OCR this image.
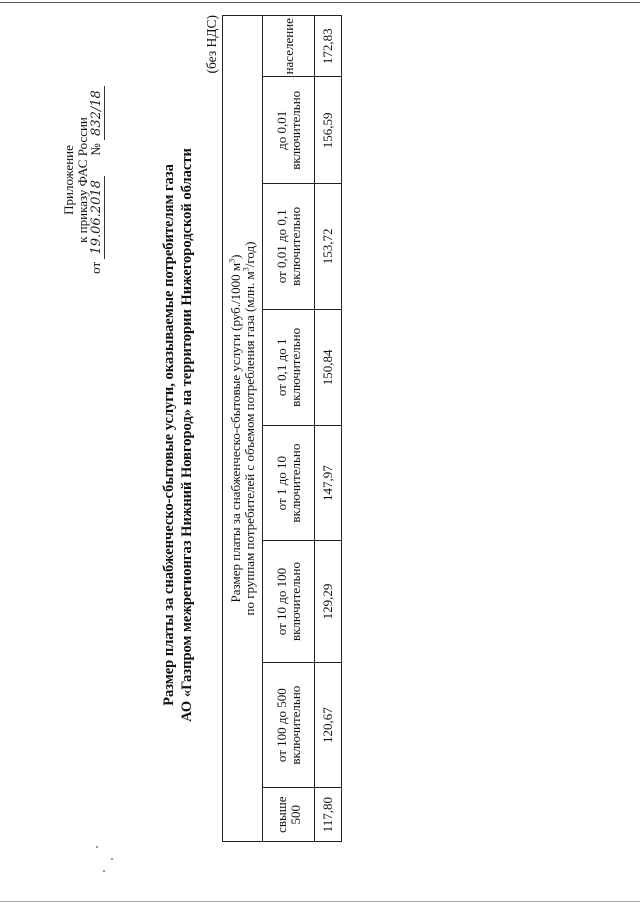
Приложение
к приказу ФАС России
от 19.06.2018  № 832/18
Размер платы за снабженческо-сбытовые услуги, оказываемые потребителям газа АО «Газпром межрегионгаз Нижний Новгород» на территории Нижегородской области
(без НДС)
Размер платы за снабженческо-сбытовые услуги (руб./1000 $м^3$)
по группам потребителей с объемом потребления газа (млн. $м^3/год$)							

свыше 500	от 100 до 500 включительно	от 10 до 100 включительно	от 1 до 10 включительно	от 0,1 до 1 включительно	от 0,01 до 0,1 включительно	до 0,01 включительно	население
117,80	120,67	129,29	147,97	150,84	153,72	156,59	172,83
